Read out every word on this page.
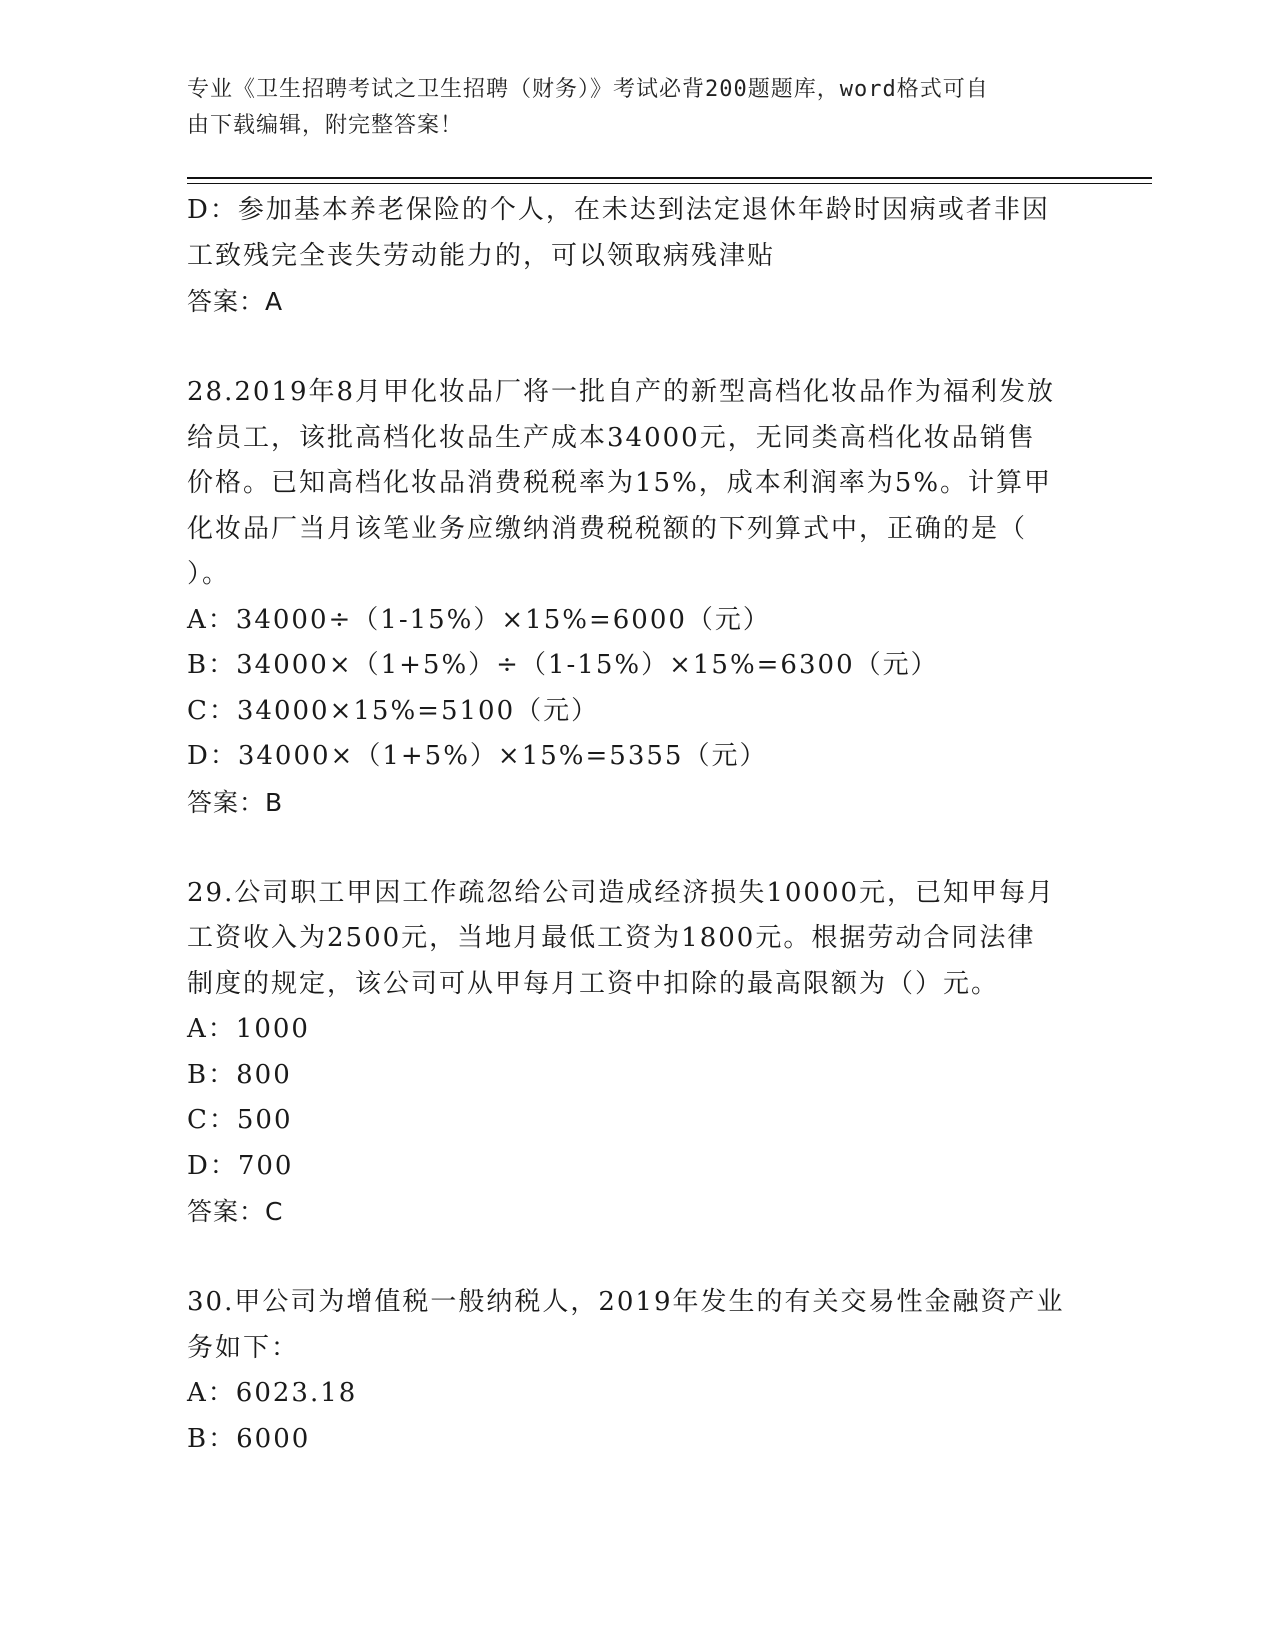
专业《卫生招聘考试之卫生招聘（财务）》考试必背200题题库，word格式可自
由下载编辑，附完整答案！
D：参加基本养老保险的个人，在未达到法定退休年龄时因病或者非因
工致残完全丧失劳动能力的，可以领取病残津贴
答案：A
28.2019年8月甲化妆品厂将一批自产的新型高档化妆品作为福利发放
给员工，该批高档化妆品生产成本34000元，无同类高档化妆品销售
价格。已知高档化妆品消费税税率为15%，成本利润率为5%。计算甲
化妆品厂当月该笔业务应缴纳消费税税额的下列算式中，正确的是（
）。
A：34000÷（1-15%）×15%=6000（元）
B：34000×（1+5%）÷（1-15%）×15%=6300（元）
C：34000×15%=5100（元）
D：34000×（1+5%）×15%=5355（元）
答案：B
29.公司职工甲因工作疏忽给公司造成经济损失10000元，已知甲每月
工资收入为2500元，当地月最低工资为1800元。根据劳动合同法律
制度的规定，该公司可从甲每月工资中扣除的最高限额为（）元。
A：1000
B：800
C：500
D：700
答案：C
30.甲公司为增值税一般纳税人，2019年发生的有关交易性金融资产业
务如下：
A：6023.18
B：6000
